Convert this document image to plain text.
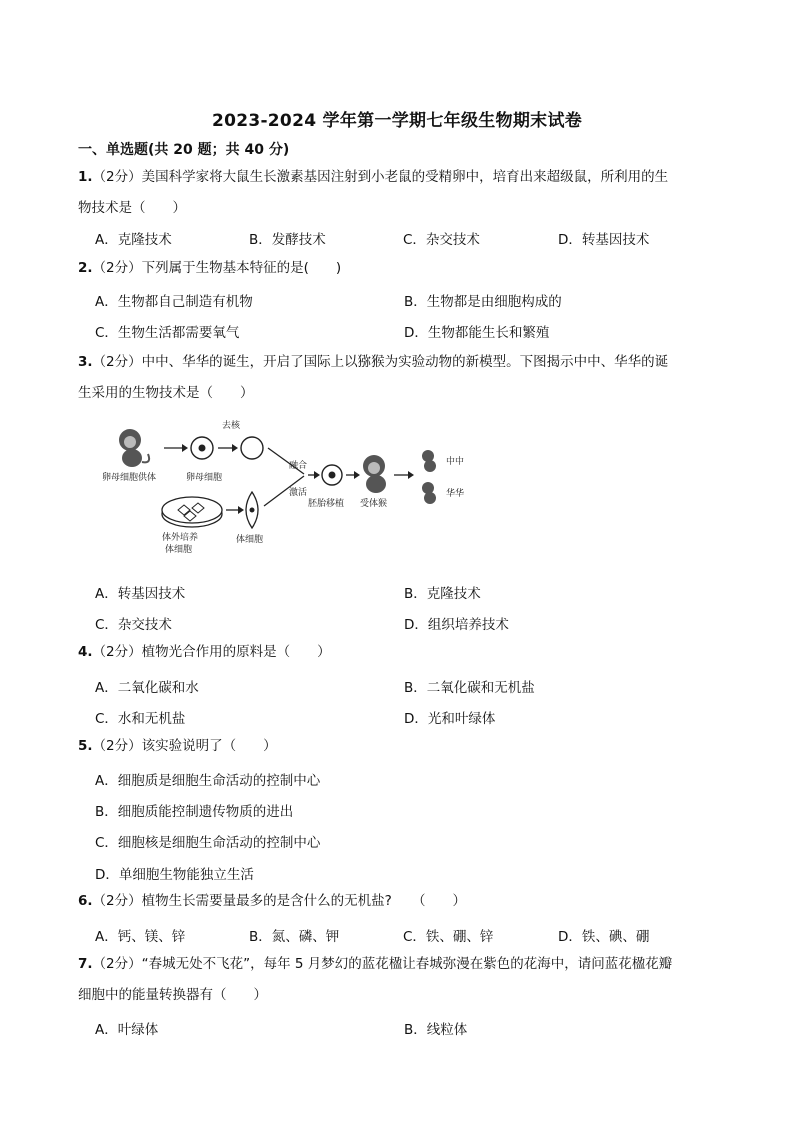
2023-2024 学年第一学期七年级生物期末试卷
一、单选题(共 20 题；共 40 分)
1.（2分）美国科学家将大鼠生长激素基因注射到小老鼠的受精卵中，培育出来超级鼠，所利用的生
物技术是（　　）
A．克隆技术	B．发酵技术	C．杂交技术	D．转基因技术
2.（2分）下列属于生物基本特征的是(　　)
A．生物都自己制造有机物	B．生物都是由细胞构成的
C．生物生活都需要氧气	D．生物都能生长和繁殖
3.（2分）中中、华华的诞生，开启了国际上以猕猴为实验动物的新模型。下图揭示中中、华华的诞
生采用的生物技术是（　　）
卵母细胞供体	卵母细胞
去核
融合
激活
胚胎移植 受体猴
中中
华华
体外培养
体细胞
体细胞
A．转基因技术	B．克隆技术
C．杂交技术	D．组织培养技术
4.（2分）植物光合作用的原料是（　　）
A．二氧化碳和水	B．二氧化碳和无机盐
C．水和无机盐	D．光和叶绿体
5.（2分）该实验说明了（　　）
A．细胞质是细胞生命活动的控制中心
B．细胞质能控制遗传物质的进出
C．细胞核是细胞生命活动的控制中心
D．单细胞生物能独立生活
6.（2分）植物生长需要量最多的是含什么的无机盐?　　（　　）
A．钙、镁、锌	B．氮、磷、钾	C．铁、硼、锌	D．铁、碘、硼
7.（2分）“春城无处不飞花”，每年 5 月梦幻的蓝花楹让春城弥漫在紫色的花海中，请问蓝花楹花瓣
细胞中的能量转换器有（　　）
A．叶绿体	B．线粒体
